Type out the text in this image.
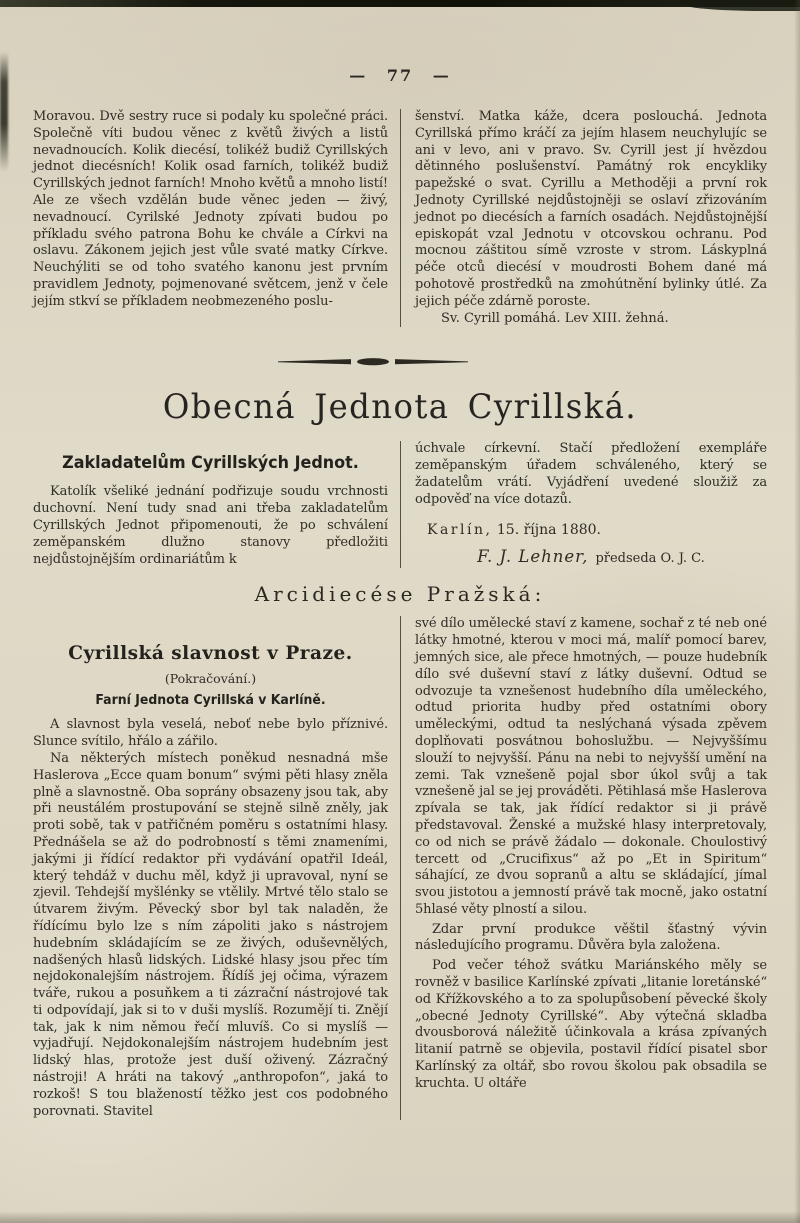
— 77 —

Moravou. Dvě sestry ruce si podaly ku společné práci. Společně víti budou věnec z květů živých a listů nevadnoucích. Kolik diecésí, tolikéž budiž Cyrillských jednot diecésních! Kolik osad farních, tolikéž budiž Cyrillských jednot farních! Mnoho květů a mnoho listí! Ale ze všech vzdělán bude věnec jeden — živý, nevadnoucí. Cyrilské Jednoty zpívati budou po příkladu svého patrona Bohu ke chvále a Církvi na oslavu. Zákonem jejich jest vůle svaté matky Církve. Neuchýliti se od toho svatého kanonu jest prvním pravidlem Jednoty, pojmenované světcem, jenž v čele jejím stkví se příkladem neobmezeného poslu-

šenství. Matka káže, dcera poslouchá. Jednota Cyrillská přímo kráčí za jejím hlasem neuchylujíc se ani v levo, ani v pravo. Sv. Cyrill jest jí hvězdou dětinného poslušenství. Památný rok encykliky papežské o svat. Cyrillu a Methoději a první rok Jednoty Cyrillské nejdůstojněji se oslaví zřizováním jednot po diecésích a farních osadách. Nejdůstojnější episkopát vzal Jednotu v otcovskou ochranu. Pod mocnou záštitou símě vzroste v strom. Láskyplná péče otců diecésí v moudrosti Bohem dané má pohotově prostředků na zmohútnění bylinky útlé. Za jejich péče zdárně poroste.

Sv. Cyrill pomáhá. Lev XIII. žehná.

Obecná Jednota Cyrillská.
Zakladatelům Cyrillských Jednot.

Katolík všeliké jednání podřizuje soudu vrchnosti duchovní. Není tudy snad ani třeba zakladatelům Cyrillských Jednot připomenouti, že po schválení zeměpanském dlužno stanovy předložiti nejdůstojnějším ordinariátům k

úchvale církevní. Stačí předložení exempláře zeměpanským úřadem schváleného, který se žadatelům vrátí. Vyjádření uvedené sloužiž za odpověď na více dotazů.

Karlín, 15. října 1880.

F. J. Lehner, předseda O. J. C.

Arcidiecése Pražská:
Cyrillská slavnost v Praze.
(Pokračování.)
Farní Jednota Cyrillská v Karlíně.

A slavnost byla veselá, neboť nebe bylo příznivé. Slunce svítilo, hřálo a zářilo.

Na některých místech poněkud nesnadná mše Haslerova „Ecce quam bonum“ svými pěti hlasy zněla plně a slavnostně. Oba soprány obsazeny jsou tak, aby při neustálém prostupování se stejně silně zněly, jak proti sobě, tak v patřičném poměru s ostatními hlasy. Přednášela se až do podrobností s těmi znameními, jakými ji řídící redaktor při vydávání opatřil Ideál, který tehdáž v duchu měl, když ji upravoval, nyní se zjevil. Tehdejší myšlénky se vtělily. Mrtvé tělo stalo se útvarem živým. Pěvecký sbor byl tak naladěn, že řídícímu bylo lze s ním zápoliti jako s nástrojem hudebním skládajícím se ze živých, oduševnělých, nadšených hlasů lidských. Lidské hlasy jsou přec tím nejdokonalejším nástrojem. Řídíš jej očima, výrazem tváře, rukou a posuňkem a ti zázrační nástrojové tak ti odpovídají, jak si to v duši myslíš. Rozumějí ti. Znějí tak, jak k nim němou řečí mluvíš. Co si myslíš — vyjadřují. Nejdokonalejším nástrojem hudebním jest lidský hlas, protože jest duší oživený. Zázračný nástroji! A hráti na takový „anthropofon“, jaká to rozkoš! S tou blažeností těžko jest cos podobného porovnati. Stavitel

své dílo umělecké staví z kamene, sochař z té neb oné látky hmotné, kterou v moci má, malíř pomocí barev, jemných sice, ale přece hmotných, — pouze hudebník dílo své duševní staví z látky duševní. Odtud se odvozuje ta vznešenost hudebního díla uměleckého, odtud priorita hudby před ostatními obory uměleckými, odtud ta neslýchaná výsada zpěvem doplňovati posvátnou bohoslužbu. — Nejvyššímu slouží to nejvyšší. Pánu na nebi to nejvyšší umění na zemi. Tak vznešeně pojal sbor úkol svůj a tak vznešeně jal se jej prováděti. Pětihlasá mše Haslerova zpívala se tak, jak řídící redaktor si ji právě představoval. Ženské a mužské hlasy interpretovaly, co od nich se právě žádalo — dokonale. Choulostivý tercett od „Crucifixus“ až po „Et in Spiritum“ sáhající, ze dvou sopranů a altu se skládající, jímal svou jistotou a jemností právě tak mocně, jako ostatní 5hlasé věty plností a silou.

Zdar první produkce věštil šťastný vývin následujícího programu. Důvěra byla založena.

Pod večer téhož svátku Mariánského měly se rovněž v basilice Karlínské zpívati „litanie loretánské“ od Křížkovského a to za spolupůsobení pěvecké školy „obecné Jednoty Cyrillské“. Aby výtečná skladba dvousborová náležitě účinkovala a krása zpívaných litanií patrně se objevila, postavil řídící pisatel sbor Karlínský za oltář, sbo rovou školou pak obsadila se kruchta. U oltáře
